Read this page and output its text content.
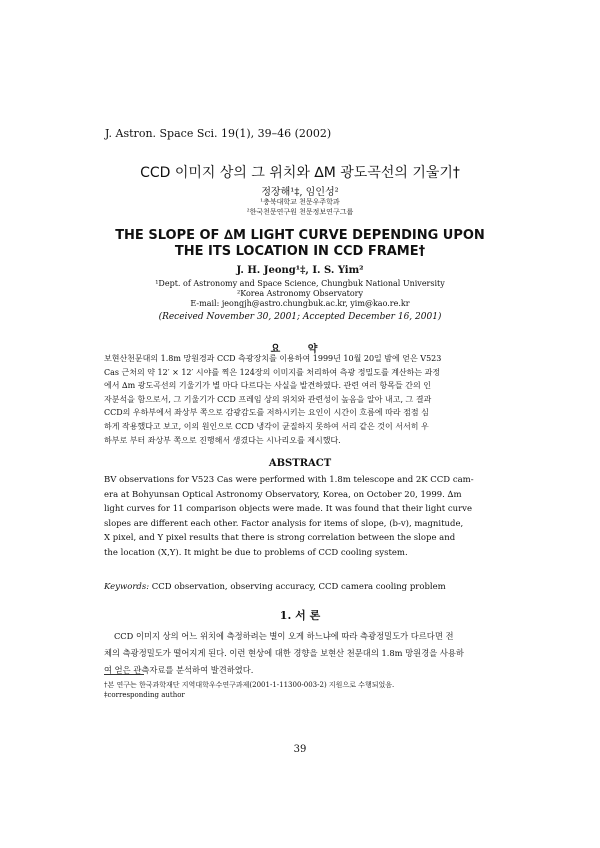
J. Astron. Space Sci. 19(1), 39–46 (2002)
CCD 이미지 상의 그 위치와 ∆M 광도곡선의 기울기†
정장해¹‡, 임인성²
¹충북대학교 천문우주학과
²한국천문연구원 천문정보연구그룹
THE SLOPE OF ∆M LIGHT CURVE DEPENDING UPON
THE ITS LOCATION IN CCD FRAME†
J. H. Jeong¹‡, I. S. Yim²
¹Dept. of Astronomy and Space Science, Chungbuk National University
²Korea Astronomy Observatory
E-mail: jeongjh@astro.chungbuk.ac.kr, yim@kao.re.kr
(Received November 30, 2001; Accepted December 16, 2001)
요 약
보현산천문대의 1.8m 망원경과 CCD 측광장치를 이용하여 1999년 10월 20일 밤에 얻은 V523
Cas 근처의 약 12′ × 12′ 시야를 찍은 124장의 이미지를 처리하여 측광 정밀도를 계산하는 과정
에서 ∆m 광도곡선의 기울기가 별 마다 다르다는 사실을 발견하였다. 관련 여러 항목들 간의 인
자분석을 함으로서, 그 기울기가 CCD 프레임 상의 위치와 관련성이 높음을 알아 내고, 그 결과
CCD의 우하부에서 좌상부 쪽으로 감광감도를 저하시키는 요인이 시간이 흐름에 따라 점점 심
하게 작용했다고 보고, 이의 원인으로 CCD 냉각이 균질하지 못하여 서리 같은 것이 서서히 우
하부로 부터 좌상부 쪽으로 진행해서 생겼다는 시나리오를 제시했다.
ABSTRACT
BV observations for V523 Cas were performed with 1.8m telescope and 2K CCD cam-
era at Bohyunsan Optical Astronomy Observatory, Korea, on October 20, 1999. ∆m
light curves for 11 comparison objects were made. It was found that their light curve
slopes are different each other. Factor analysis for items of slope, (b-v), magnitude,
X pixel, and Y pixel results that there is strong correlation between the slope and
the location (X,Y). It might be due to problems of CCD cooling system.
Keywords: CCD observation, observing accuracy, CCD camera cooling problem
1. 서 론
CCD 이미지 상의 어느 위치에 측정하려는 별이 오게 하느냐에 따라 측광정밀도가 다르다면 전
체의 측광정밀도가 떨어지게 된다. 이런 현상에 대한 경향을 보현산 천문대의 1.8m 망원경을 사용하
여 얻은 관측자료를 분석하여 발견하였다.
†본 연구는 한국과학재단 지역대학우수연구과제(2001-1-11300-003-2) 지원으로 수행되었음.
‡corresponding author
39
